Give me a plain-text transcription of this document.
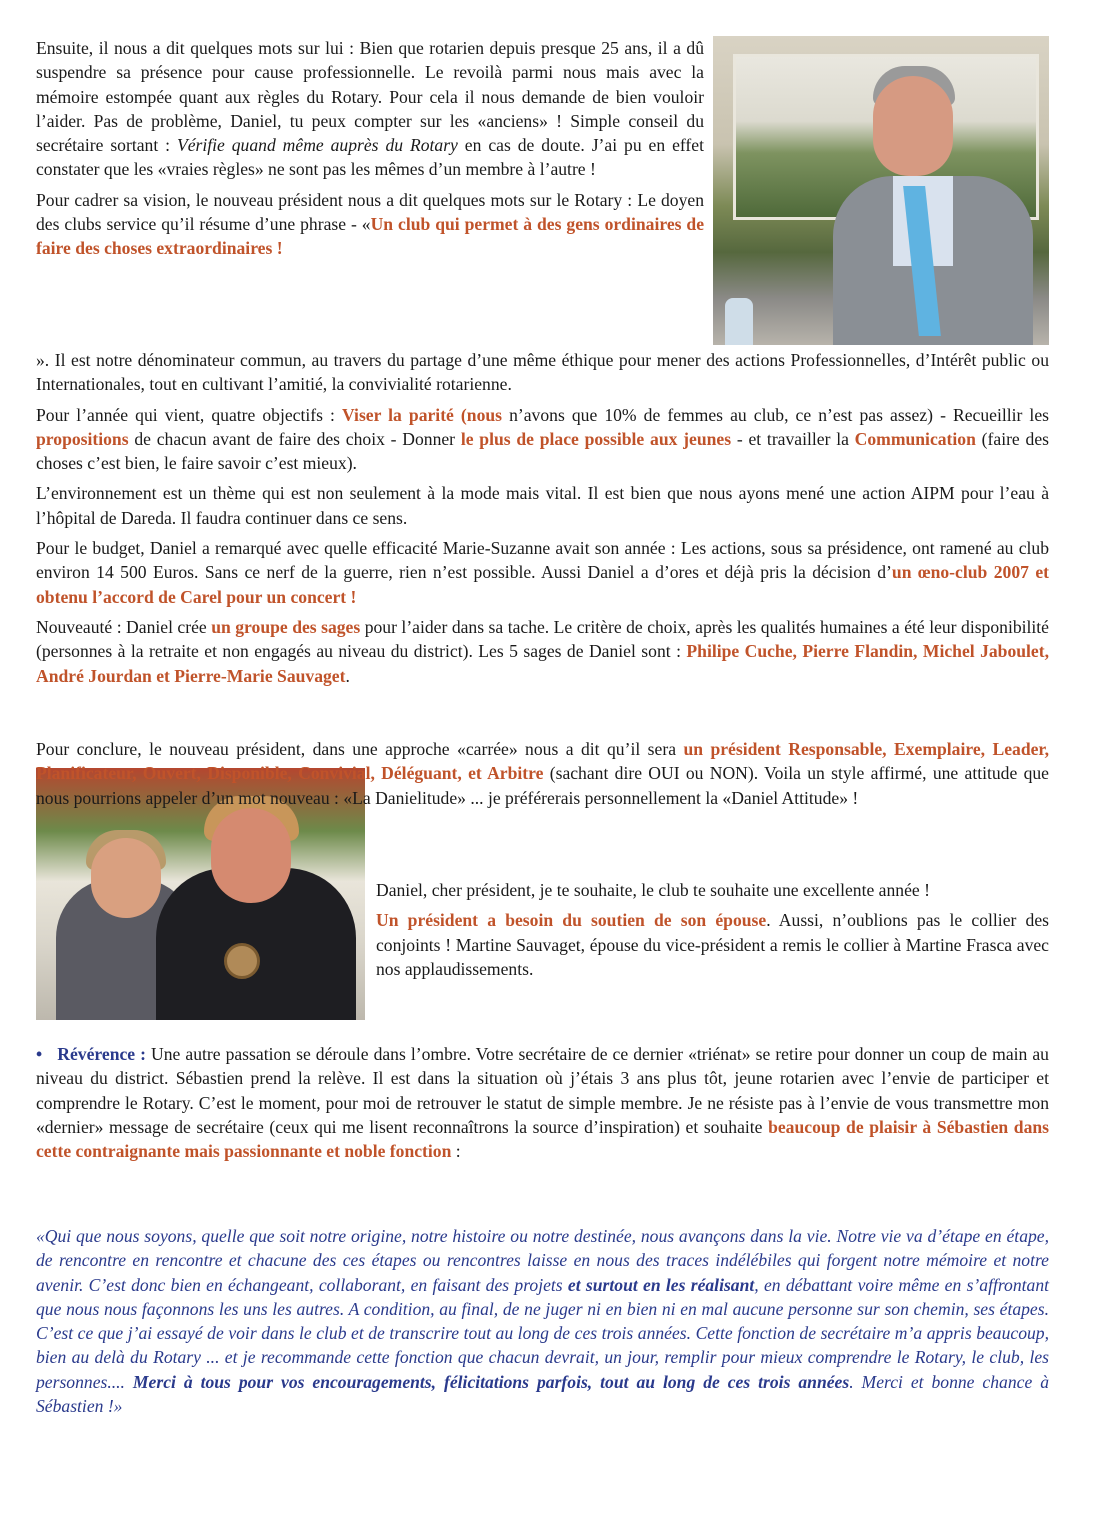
Ensuite, il nous a dit quelques mots sur lui : Bien que rotarien depuis presque 25 ans, il a dû suspendre sa présence pour cause professionnelle. Le revoilà parmi nous mais avec la mémoire estompée quant aux règles du Rotary. Pour cela il nous demande de bien vouloir l’aider. Pas de problème, Daniel, tu peux compter sur les «anciens» ! Simple conseil du secrétaire sortant : Vérifie quand même auprès du Rotary en cas de doute. J’ai pu en effet constater que les «vraies règles» ne sont pas les mêmes d’un membre à l’autre !

Pour cadrer sa vision, le nouveau président nous a dit quelques mots sur le Rotary : Le doyen des clubs service qu’il résume d’une phrase - «Un club qui permet à des gens ordinaires de faire des choses extraordinaires !

». Il est notre dénominateur commun, au travers du partage d’une même éthique pour mener des actions Professionnelles, d’Intérêt public ou Internationales, tout en cultivant l’amitié, la convivialité rotarienne.

Pour l’année qui vient, quatre objectifs : Viser la parité (nous n’avons que 10% de femmes au club, ce n’est pas assez) - Recueillir les propositions de chacun avant de faire des choix - Donner le plus de place possible aux jeunes - et travailler la Communication (faire des choses c’est bien, le faire savoir c’est mieux).

L’environnement est un thème qui est non seulement à la mode mais vital. Il est bien que nous ayons mené une action AIPM pour l’eau à l’hôpital de Dareda. Il faudra continuer dans ce sens.

Pour le budget, Daniel a remarqué avec quelle efficacité Marie-Suzanne avait son année : Les actions, sous sa présidence, ont ramené au club environ 14 500 Euros. Sans ce nerf de la guerre, rien n’est possible. Aussi Daniel a d’ores et déjà pris la décision d’un œno-club 2007 et obtenu l’accord de Carel pour un concert !

Nouveauté : Daniel crée un groupe des sages pour l’aider dans sa tache. Le critère de choix, après les qualités humaines a été leur disponibilité (personnes à la retraite et non engagés au niveau du district). Les 5 sages de Daniel sont : Philipe Cuche, Pierre Flandin, Michel Jaboulet, André Jourdan et Pierre-Marie Sauvaget.

Pour conclure, le nouveau président, dans une approche «carrée» nous a dit qu’il sera un président Responsable, Exemplaire, Leader, Planificateur, Ouvert, Disponible, Convivial, Déléguant, et Arbitre (sachant dire OUI ou NON). Voila un style affirmé, une attitude que nous pourrions appeler d’un mot nouveau : «La Danielitude» ... je préférerais personnellement la «Daniel Attitude» !

Daniel, cher président, je te souhaite, le club te souhaite une excellente année !

Un président a besoin du soutien de son épouse. Aussi, n’oublions pas le collier des conjoints ! Martine Sauvaget, épouse du vice-président a remis le collier à Martine Frasca avec nos applaudissements.

• Révérence : Une autre passation se déroule dans l’ombre. Votre secrétaire de ce dernier «triénat» se retire pour donner un coup de main au niveau du district. Sébastien prend la relève. Il est dans la situation où j’étais 3 ans plus tôt, jeune rotarien avec l’envie de participer et comprendre le Rotary. C’est le moment, pour moi de retrouver le statut de simple membre. Je ne résiste pas à l’envie de vous transmettre mon «dernier» message de secrétaire (ceux qui me lisent reconnaîtrons la source d’inspiration) et souhaite beaucoup de plaisir à Sébastien dans cette contraignante mais passionnante et noble fonction :

«Qui que nous soyons, quelle que soit notre origine, notre histoire ou notre destinée, nous avançons dans la vie. Notre vie va d’étape en étape, de rencontre en rencontre et chacune des ces étapes ou rencontres laisse en nous des traces indélébiles qui forgent notre mémoire et notre avenir. C’est donc bien en échangeant, collaborant, en faisant des projets et surtout en les réalisant, en débattant voire même en s’affrontant que nous nous façonnons les uns les autres. A condition, au final, de ne juger ni en bien ni en mal aucune personne sur son chemin, ses étapes. C’est ce que j’ai essayé de voir dans le club et de transcrire tout au long de ces trois années. Cette fonction de secrétaire m’a appris beaucoup, bien au delà du Rotary ... et je recommande cette fonction que chacun devrait, un jour, remplir pour mieux comprendre le Rotary, le club, les personnes.... Merci à tous pour vos encouragements, félicitations parfois, tout au long de ces trois années. Merci et bonne chance à Sébastien !»
